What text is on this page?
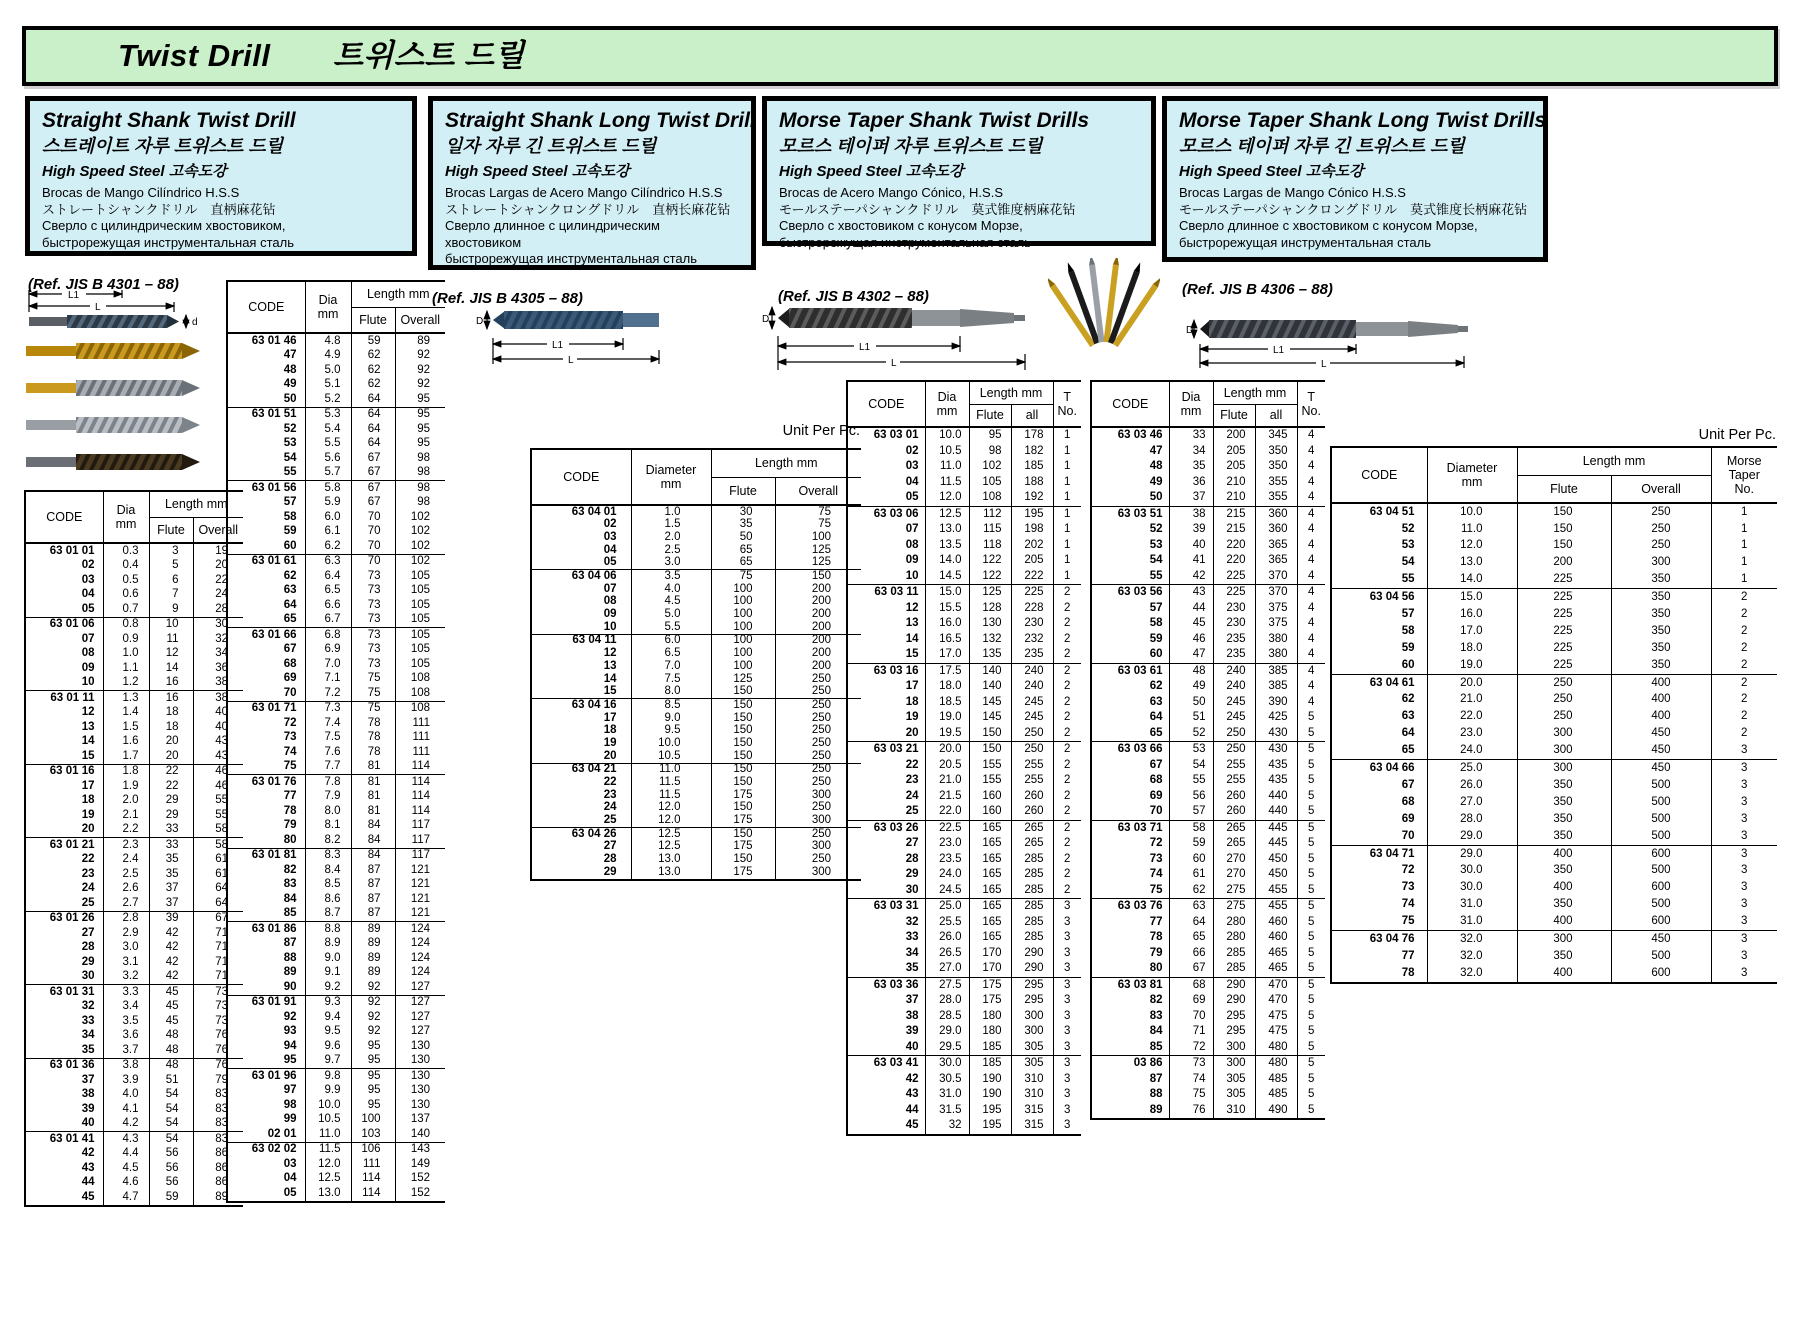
Twist Drill 트위스트 드릴
Straight Shank Twist Drill
스트레이트 자루 트위스트 드릴
High Speed Steel 고속도강
Brocas de Mango Cilíndrico H.S.S
ストレートシャンクドリル　直柄麻花钻
Сверло с цилиндрическим хвостовиком,
быстрорежущая инструментальная сталь
Straight Shank Long Twist Drill
일자 자루 긴 트위스트 드릴
High Speed Steel 고속도강
Brocas Largas de Acero Mango Cilíndrico H.S.S
ストレートシャンクロングドリル　直柄长麻花钻
Сверло длинное с цилиндрическим
хвостовиком
быстрорежущая инструментальная сталь
Morse Taper Shank Twist Drills
모르스 테이퍼 자루 트위스트 드릴
High Speed Steel 고속도강
Brocas de Acero Mango Cónico, H.S.S
モールステーパシャンクドリル　莫式锥度柄麻花钻
Сверло с хвостовиком с конусом Морзе,
быстрорежущая инструментальная сталь
Morse Taper Shank Long Twist Drills
모르스 테이퍼 자루 긴 트위스트 드릴
High Speed Steel 고속도강
Brocas Largas de Mango Cónico H.S.S
モールステーパシャンクロングドリル　莫式锥度长柄麻花钻
Сверло длинное с хвостовиком с конусом Морзе,
быстрорежущая инструментальная сталь
(Ref. JIS B 4301 – 88)
(Ref. JIS B 4305 – 88)	(Ref. JIS B 4302 – 88)	(Ref. JIS B 4306 – 88)
Unit Per Pc.	Unit Per Pc.
L1
L
d	D
L1
L
D
L1
L
D
L1
L
CODE	Dia
mm	Length mm	
		Flute	Overall
63 01 01	0.3	3	19
02	0.4	5	20
03	0.5	6	22
04	0.6	7	24
05	0.7	9	28
63 01 06	0.8	10	30
07	0.9	11	32
08	1.0	12	34
09	1.1	14	36
10	1.2	16	38
63 01 11	1.3	16	38
12	1.4	18	40
13	1.5	18	40
14	1.6	20	43
15	1.7	20	43
63 01 16	1.8	22	46
17	1.9	22	46
18	2.0	29	55
19	2.1	29	55
20	2.2	33	58
63 01 21	2.3	33	58
22	2.4	35	61
23	2.5	35	61
24	2.6	37	64
25	2.7	37	64
63 01 26	2.8	39	67
27	2.9	42	71
28	3.0	42	71
29	3.1	42	71
30	3.2	42	71
63 01 31	3.3	45	73
32	3.4	45	73
33	3.5	45	73
34	3.6	48	76
35	3.7	48	76
63 01 36	3.8	48	76
37	3.9	51	79
38	4.0	54	83
39	4.1	54	83
40	4.2	54	83
63 01 41	4.3	54	83
42	4.4	56	86
43	4.5	56	86
44	4.6	56	86
45	4.7	59	89
CODE	Dia
mm	Length mm	
		Flute	Overall
63 01 46	4.8	59	89
47	4.9	62	92
48	5.0	62	92
49	5.1	62	92
50	5.2	64	95
63 01 51	5.3	64	95
52	5.4	64	95
53	5.5	64	95
54	5.6	67	98
55	5.7	67	98
63 01 56	5.8	67	98
57	5.9	67	98
58	6.0	70	102
59	6.1	70	102
60	6.2	70	102
63 01 61	6.3	70	102
62	6.4	73	105
63	6.5	73	105
64	6.6	73	105
65	6.7	73	105
63 01 66	6.8	73	105
67	6.9	73	105
68	7.0	73	105
69	7.1	75	108
70	7.2	75	108
63 01 71	7.3	75	108
72	7.4	78	111
73	7.5	78	111
74	7.6	78	111
75	7.7	81	114
63 01 76	7.8	81	114
77	7.9	81	114
78	8.0	81	114
79	8.1	84	117
80	8.2	84	117
63 01 81	8.3	84	117
82	8.4	87	121
83	8.5	87	121
84	8.6	87	121
85	8.7	87	121
63 01 86	8.8	89	124
87	8.9	89	124
88	9.0	89	124
89	9.1	89	124
90	9.2	92	127
63 01 91	9.3	92	127
92	9.4	92	127
93	9.5	92	127
94	9.6	95	130
95	9.7	95	130
63 01 96	9.8	95	130
97	9.9	95	130
98	10.0	95	130
99	10.5	100	137
02 01	11.0	103	140
63 02 02	11.5	106	143
03	12.0	111	149
04	12.5	114	152
05	13.0	114	152
CODE	Diameter
mm	Length mm	
		Flute	Overall
63 04 01	1.0	30	75
02	1.5	35	75
03	2.0	50	100
04	2.5	65	125
05	3.0	65	125
63 04 06	3.5	75	150
07	4.0	100	200
08	4.5	100	200
09	5.0	100	200
10	5.5	100	200
63 04 11	6.0	100	200
12	6.5	100	200
13	7.0	100	200
14	7.5	125	250
15	8.0	150	250
63 04 16	8.5	150	250
17	9.0	150	250
18	9.5	150	250
19	10.0	150	250
20	10.5	150	250
63 04 21	11.0	150	250
22	11.5	150	250
23	11.5	175	300
24	12.0	150	250
25	12.0	175	300
63 04 26	12.5	150	250
27	12.5	175	300
28	13.0	150	250
29	13.0	175	300
CODE	Dia
mm	Length mm		T
No.
		Flute	all	
63 03 01	10.0	95	178	1
02	10.5	98	182	1
03	11.0	102	185	1
04	11.5	105	188	1
05	12.0	108	192	1
63 03 06	12.5	112	195	1
07	13.0	115	198	1
08	13.5	118	202	1
09	14.0	122	205	1
10	14.5	122	222	1
63 03 11	15.0	125	225	2
12	15.5	128	228	2
13	16.0	130	230	2
14	16.5	132	232	2
15	17.0	135	235	2
63 03 16	17.5	140	240	2
17	18.0	140	240	2
18	18.5	145	245	2
19	19.0	145	245	2
20	19.5	150	250	2
63 03 21	20.0	150	250	2
22	20.5	155	255	2
23	21.0	155	255	2
24	21.5	160	260	2
25	22.0	160	260	2
63 03 26	22.5	165	265	2
27	23.0	165	265	2
28	23.5	165	285	2
29	24.0	165	285	2
30	24.5	165	285	2
63 03 31	25.0	165	285	3
32	25.5	165	285	3
33	26.0	165	285	3
34	26.5	170	290	3
35	27.0	170	290	3
63 03 36	27.5	175	295	3
37	28.0	175	295	3
38	28.5	180	300	3
39	29.0	180	300	3
40	29.5	185	305	3
63 03 41	30.0	185	305	3
42	30.5	190	310	3
43	31.0	190	310	3
44	31.5	195	315	3
45	32	195	315	3
CODE	Dia
mm	Length mm		T
No.
		Flute	all	
63 03 46	33	200	345	4
47	34	205	350	4
48	35	205	350	4
49	36	210	355	4
50	37	210	355	4
63 03 51	38	215	360	4
52	39	215	360	4
53	40	220	365	4
54	41	220	365	4
55	42	225	370	4
63 03 56	43	225	370	4
57	44	230	375	4
58	45	230	375	4
59	46	235	380	4
60	47	235	380	4
63 03 61	48	240	385	4
62	49	240	385	4
63	50	245	390	4
64	51	245	425	5
65	52	250	430	5
63 03 66	53	250	430	5
67	54	255	435	5
68	55	255	435	5
69	56	260	440	5
70	57	260	440	5
63 03 71	58	265	445	5
72	59	265	445	5
73	60	270	450	5
74	61	270	450	5
75	62	275	455	5
63 03 76	63	275	455	5
77	64	280	460	5
78	65	280	460	5
79	66	285	465	5
80	67	285	465	5
63 03 81	68	290	470	5
82	69	290	470	5
83	70	295	475	5
84	71	295	475	5
85	72	300	480	5
03 86	73	300	480	5
87	74	305	485	5
88	75	305	485	5
89	76	310	490	5
CODE	Diameter
mm	Length mm		Morse
Taper
No.
		Flute	Overall	
63 04 51	10.0	150	250	1
52	11.0	150	250	1
53	12.0	150	250	1
54	13.0	200	300	1
55	14.0	225	350	1
63 04 56	15.0	225	350	2
57	16.0	225	350	2
58	17.0	225	350	2
59	18.0	225	350	2
60	19.0	225	350	2
63 04 61	20.0	250	400	2
62	21.0	250	400	2
63	22.0	250	400	2
64	23.0	300	450	2
65	24.0	300	450	3
63 04 66	25.0	300	450	3
67	26.0	350	500	3
68	27.0	350	500	3
69	28.0	350	500	3
70	29.0	350	500	3
63 04 71	29.0	400	600	3
72	30.0	350	500	3
73	30.0	400	600	3
74	31.0	350	500	3
75	31.0	400	600	3
63 04 76	32.0	300	450	3
77	32.0	350	500	3
78	32.0	400	600	3
